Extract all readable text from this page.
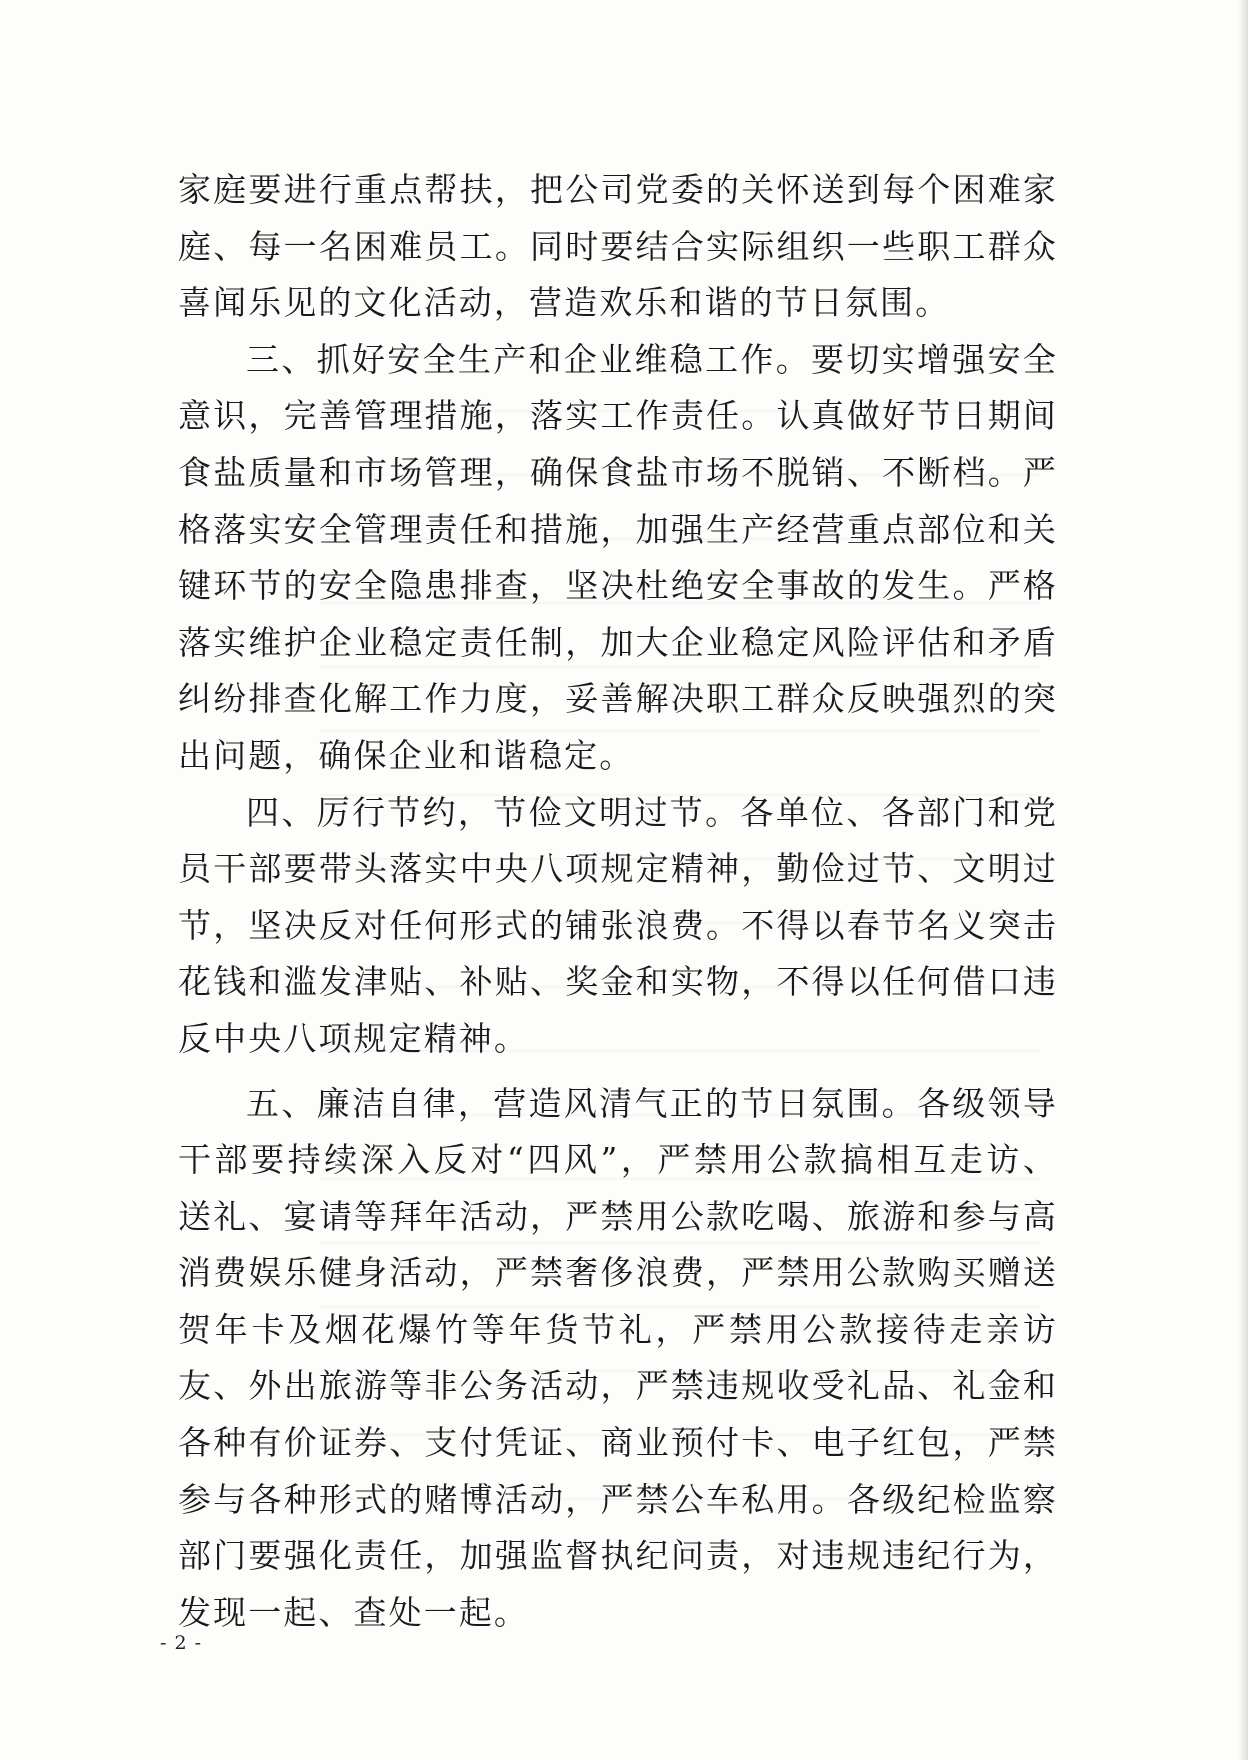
家庭要进行重点帮扶，把公司党委的关怀送到每个困难家庭、每一名困难员工。同时要结合实际组织一些职工群众喜闻乐见的文化活动，营造欢乐和谐的节日氛围。

三、抓好安全生产和企业维稳工作。要切实增强安全意识，完善管理措施，落实工作责任。认真做好节日期间食盐质量和市场管理，确保食盐市场不脱销、不断档。严格落实安全管理责任和措施，加强生产经营重点部位和关键环节的安全隐患排查，坚决杜绝安全事故的发生。严格落实维护企业稳定责任制，加大企业稳定风险评估和矛盾纠纷排查化解工作力度，妥善解决职工群众反映强烈的突出问题，确保企业和谐稳定。

四、厉行节约，节俭文明过节。各单位、各部门和党员干部要带头落实中央八项规定精神，勤俭过节、文明过节，坚决反对任何形式的铺张浪费。不得以春节名义突击花钱和滥发津贴、补贴、奖金和实物，不得以任何借口违反中央八项规定精神。

五、廉洁自律，营造风清气正的节日氛围。各级领导干部要持续深入反对“四风”，严禁用公款搞相互走访、送礼、宴请等拜年活动，严禁用公款吃喝、旅游和参与高消费娱乐健身活动，严禁奢侈浪费，严禁用公款购买赠送贺年卡及烟花爆竹等年货节礼，严禁用公款接待走亲访友、外出旅游等非公务活动，严禁违规收受礼品、礼金和各种有价证券、支付凭证、商业预付卡、电子红包，严禁参与各种形式的赌博活动，严禁公车私用。各级纪检监察部门要强化责任，加强监督执纪问责，对违规违纪行为，发现一起、查处一起。

- 2 -
